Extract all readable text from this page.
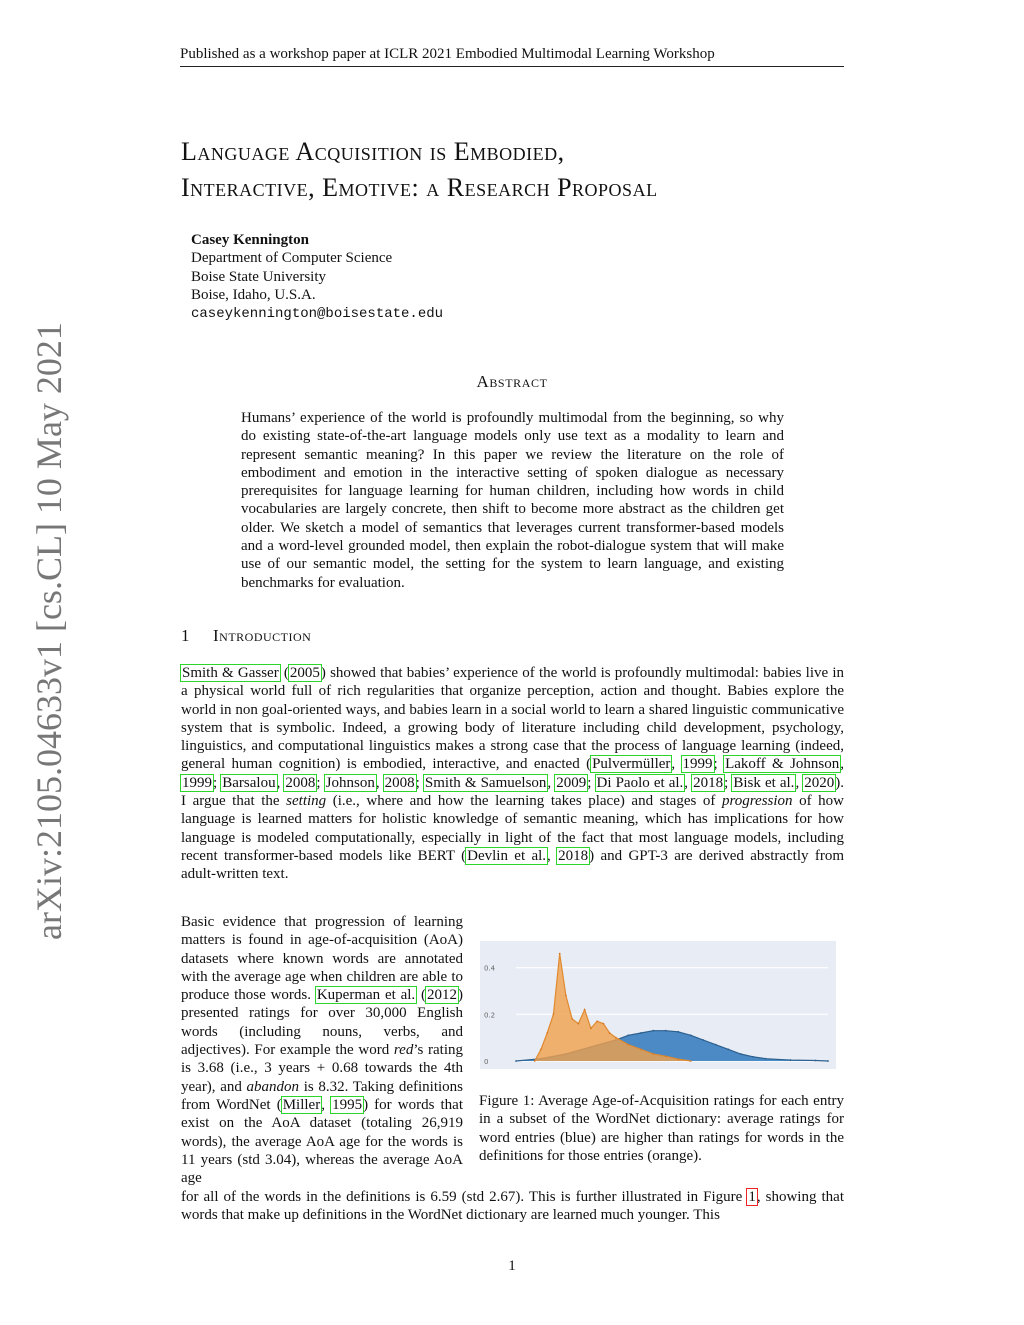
Published as a workshop paper at ICLR 2021 Embodied Multimodal Learning Workshop
arXiv:2105.04633v1 [cs.CL] 10 May 2021
Language Acquisition is Embodied,
Interactive, Emotive: a Research Proposal
Casey Kennington
Department of Computer Science
Boise State University
Boise, Idaho, U.S.A.
caseykennington@boisestate.edu
Abstract
Humans’ experience of the world is profoundly multimodal from the beginning, so why do existing state-of-the-art language models only use text as a modality to learn and represent semantic meaning? In this paper we review the literature on the role of embodiment and emotion in the interactive setting of spoken dialogue as necessary prerequisites for language learning for human children, including how words in child vocabularies are largely concrete, then shift to become more abstract as the children get older. We sketch a model of semantics that leverages current transformer-based models and a word-level grounded model, then explain the robot-dialogue system that will make use of our semantic model, the setting for the system to learn language, and existing benchmarks for evaluation.
1 Introduction
Smith & Gasser (2005) showed that babies’ experience of the world is profoundly multimodal: babies live in a physical world full of rich regularities that organize perception, action and thought. Babies explore the world in non goal-oriented ways, and babies learn in a social world to learn a shared linguistic communicative system that is symbolic. Indeed, a growing body of literature including child development, psychology, linguistics, and computational linguistics makes a strong case that the process of language learning (indeed, general human cognition) is embodied, interactive, and enacted (Pulvermüller, 1999; Lakoff & Johnson, 1999; Barsalou, 2008; Johnson, 2008; Smith & Samuelson, 2009; Di Paolo et al., 2018; Bisk et al., 2020). I argue that the setting (i.e., where and how the learning takes place) and stages of progression of how language is learned matters for holistic knowledge of semantic meaning, which has implications for how language is modeled computationally, especially in light of the fact that most language models, including recent transformer-based models like BERT (Devlin et al., 2018) and GPT-3 are derived abstractly from adult-written text.
Basic evidence that progression of learning matters is found in age-of-acquisition (AoA) datasets where known words are annotated with the average age when children are able to produce those words. Kuperman et al. (2012) presented ratings for over 30,000 English words (including nouns, verbs, and adjectives). For example the word red’s rating is 3.68 (i.e., 3 years + 0.68 towards the 4th year), and abandon is 8.32. Taking definitions from WordNet (Miller, 1995) for words that exist on the AoA dataset (totaling 26,919 words), the average AoA age for the words is 11 years (std 3.04), whereas the average AoA age
for all of the words in the definitions is 6.59 (std 2.67). This is further illustrated in Figure 1, showing that words that make up definitions in the WordNet dictionary are learned much younger. This
0
0.2
0.4
Figure 1: Average Age-of-Acquisition ratings for each entry in a subset of the WordNet dictionary: average ratings for word entries (blue) are higher than ratings for words in the definitions for those entries (orange).
1
